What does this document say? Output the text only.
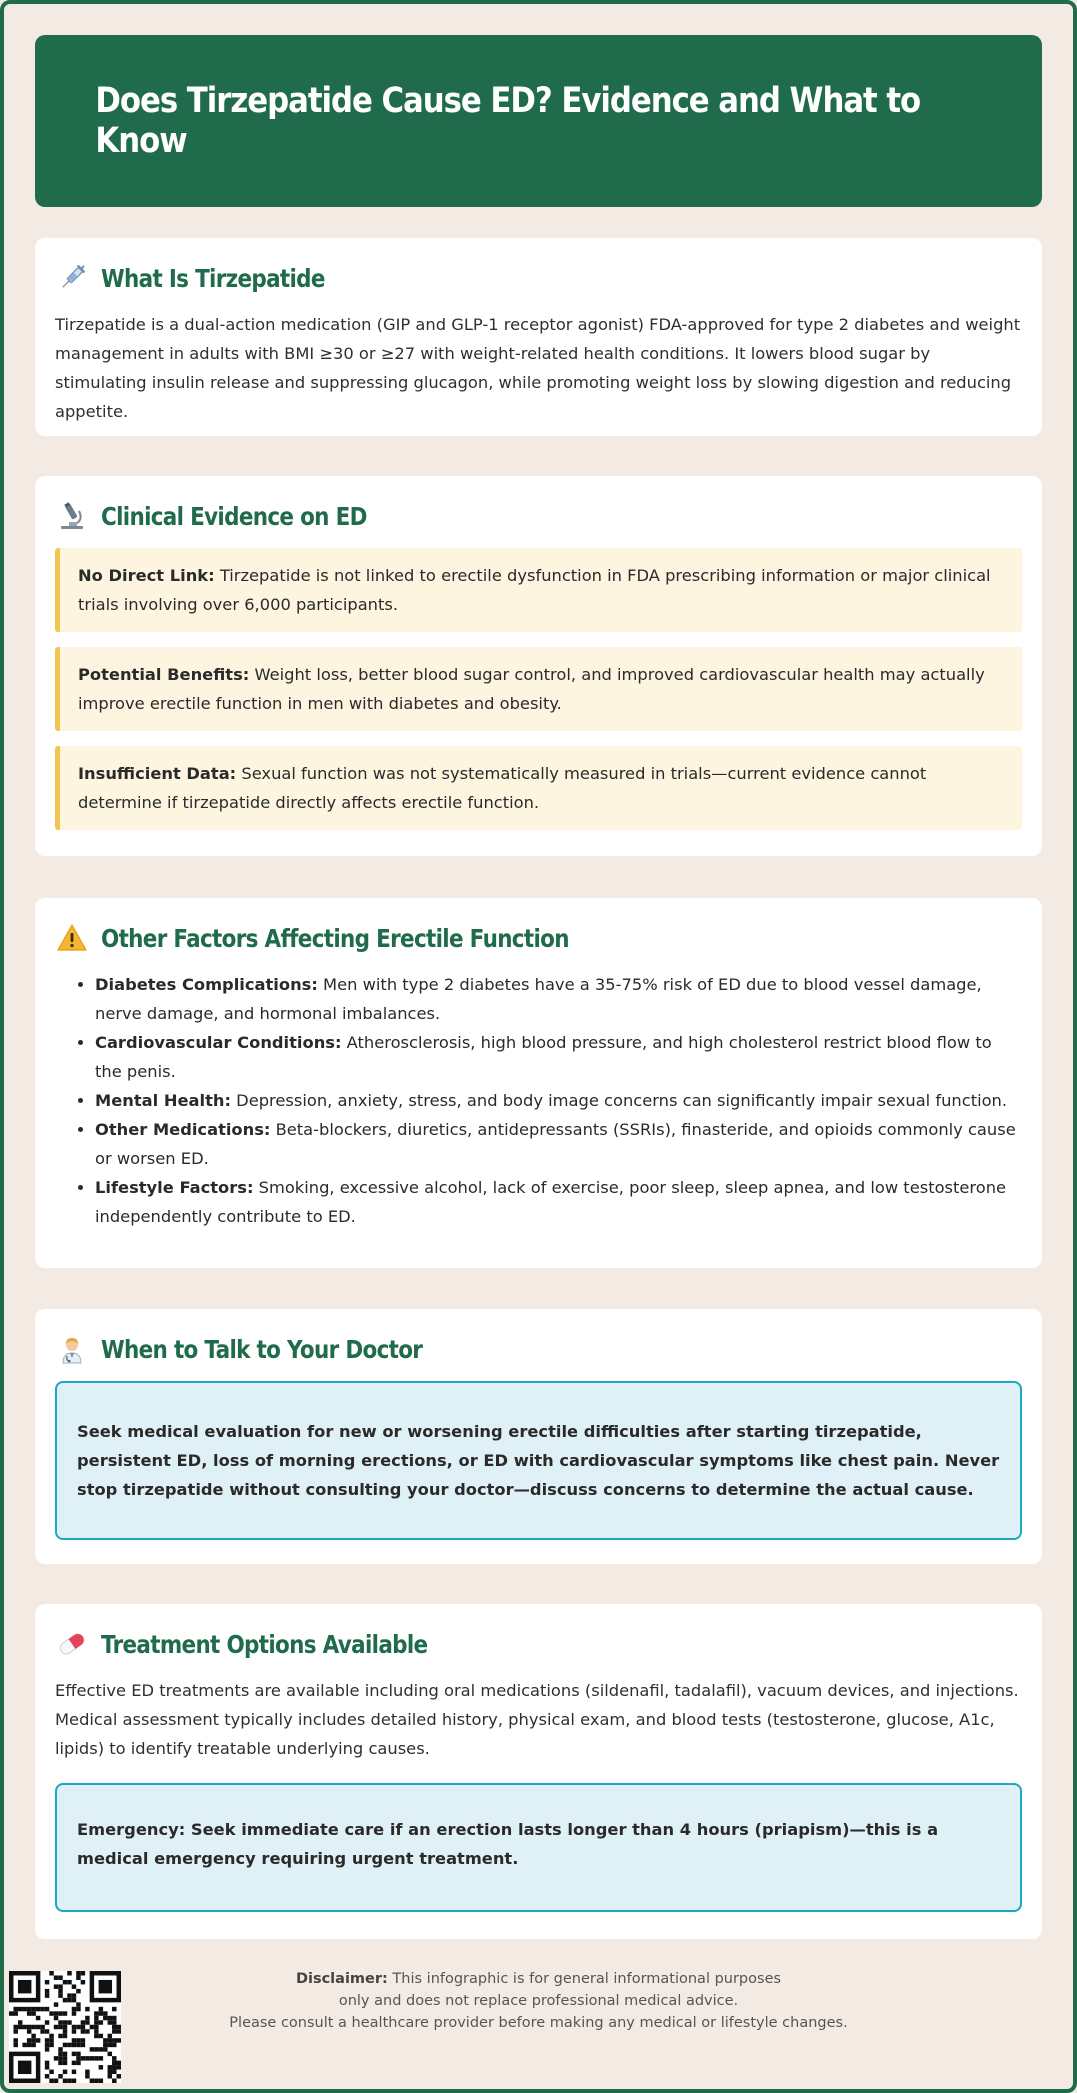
Does Tirzepatide Cause ED? Evidence and What to Know
What Is Tirzepatide

Tirzepatide is a dual-action medication (GIP and GLP-1 receptor agonist) FDA-approved for type 2 diabetes and weight management in adults with BMI ≥30 or ≥27 with weight-related health conditions. It lowers blood sugar by stimulating insulin release and suppressing glucagon, while promoting weight loss by slowing digestion and reducing appetite.

Clinical Evidence on ED
No Direct Link: Tirzepatide is not linked to erectile dysfunction in FDA prescribing information or major clinical trials involving over 6,000 participants.
Potential Benefits: Weight loss, better blood sugar control, and improved cardiovascular health may actually improve erectile function in men with diabetes and obesity.
Insufficient Data: Sexual function was not systematically measured in trials—current evidence cannot determine if tirzepatide directly affects erectile function.
Other Factors Affecting Erectile Function
• Diabetes Complications: Men with type 2 diabetes have a 35-75% risk of ED due to blood vessel damage, nerve damage, and hormonal imbalances.
• Cardiovascular Conditions: Atherosclerosis, high blood pressure, and high cholesterol restrict blood flow to the penis.
• Mental Health: Depression, anxiety, stress, and body image concerns can significantly impair sexual function.
• Other Medications: Beta-blockers, diuretics, antidepressants (SSRIs), finasteride, and opioids commonly cause or worsen ED.
• Lifestyle Factors: Smoking, excessive alcohol, lack of exercise, poor sleep, sleep apnea, and low testosterone independently contribute to ED.
When to Talk to Your Doctor
Seek medical evaluation for new or worsening erectile difficulties after starting tirzepatide, persistent ED, loss of morning erections, or ED with cardiovascular symptoms like chest pain. Never stop tirzepatide without consulting your doctor—discuss concerns to determine the actual cause.
Treatment Options Available

Effective ED treatments are available including oral medications (sildenafil, tadalafil), vacuum devices, and injections. Medical assessment typically includes detailed history, physical exam, and blood tests (testosterone, glucose, A1c, lipids) to identify treatable underlying causes.

Emergency: Seek immediate care if an erection lasts longer than 4 hours (priapism)—this is a medical emergency requiring urgent treatment.
Disclaimer: This infographic is for general informational purposes
only and does not replace professional medical advice.
Please consult a healthcare provider before making any medical or lifestyle changes.
